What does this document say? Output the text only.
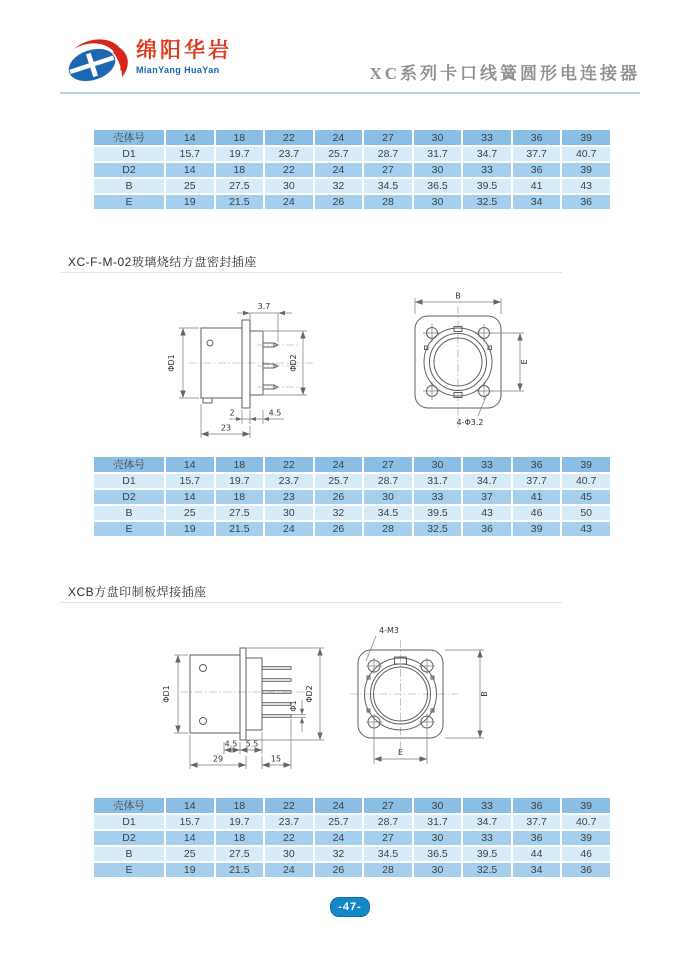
绵阳华岩
MianYang HuaYan	XC系列卡口线簧圆形电连接器
壳体号	14	18	22	24	27	30	33	36	39
D1	15.7	19.7	23.7	25.7	28.7	31.7	34.7	37.7	40.7
D2	14	18	22	24	27	30	33	36	39
B	25	27.5	30	32	34.5	36.5	39.5	41	43
E	19	21.5	24	26	28	30	32.5	34	36
XC-F-M-02玻璃烧结方盘密封插座
ΦD1	ΦD2
3.7
2	4.5
23
B
E
4-Φ3.2
壳体号	14	18	22	24	27	30	33	36	39
D1	15.7	19.7	23.7	25.7	28.7	31.7	34.7	37.7	40.7
D2	14	18	23	26	30	33	37	41	45
B	25	27.5	30	32	34.5	39.5	43	46	50
E	19	21.5	24	26	28	32.5	36	39	43
XCB方盘印制板焊接插座
ΦD1	ΦD2
Φ1
4.5 5.5
29	15
4-M3
B
E
壳体号	14	18	22	24	27	30	33	36	39
D1	15.7	19.7	23.7	25.7	28.7	31.7	34.7	37.7	40.7
D2	14	18	22	24	27	30	33	36	39
B	25	27.5	30	32	34.5	36.5	39.5	44	46
E	19	21.5	24	26	28	30	32.5	34	36
-47-
